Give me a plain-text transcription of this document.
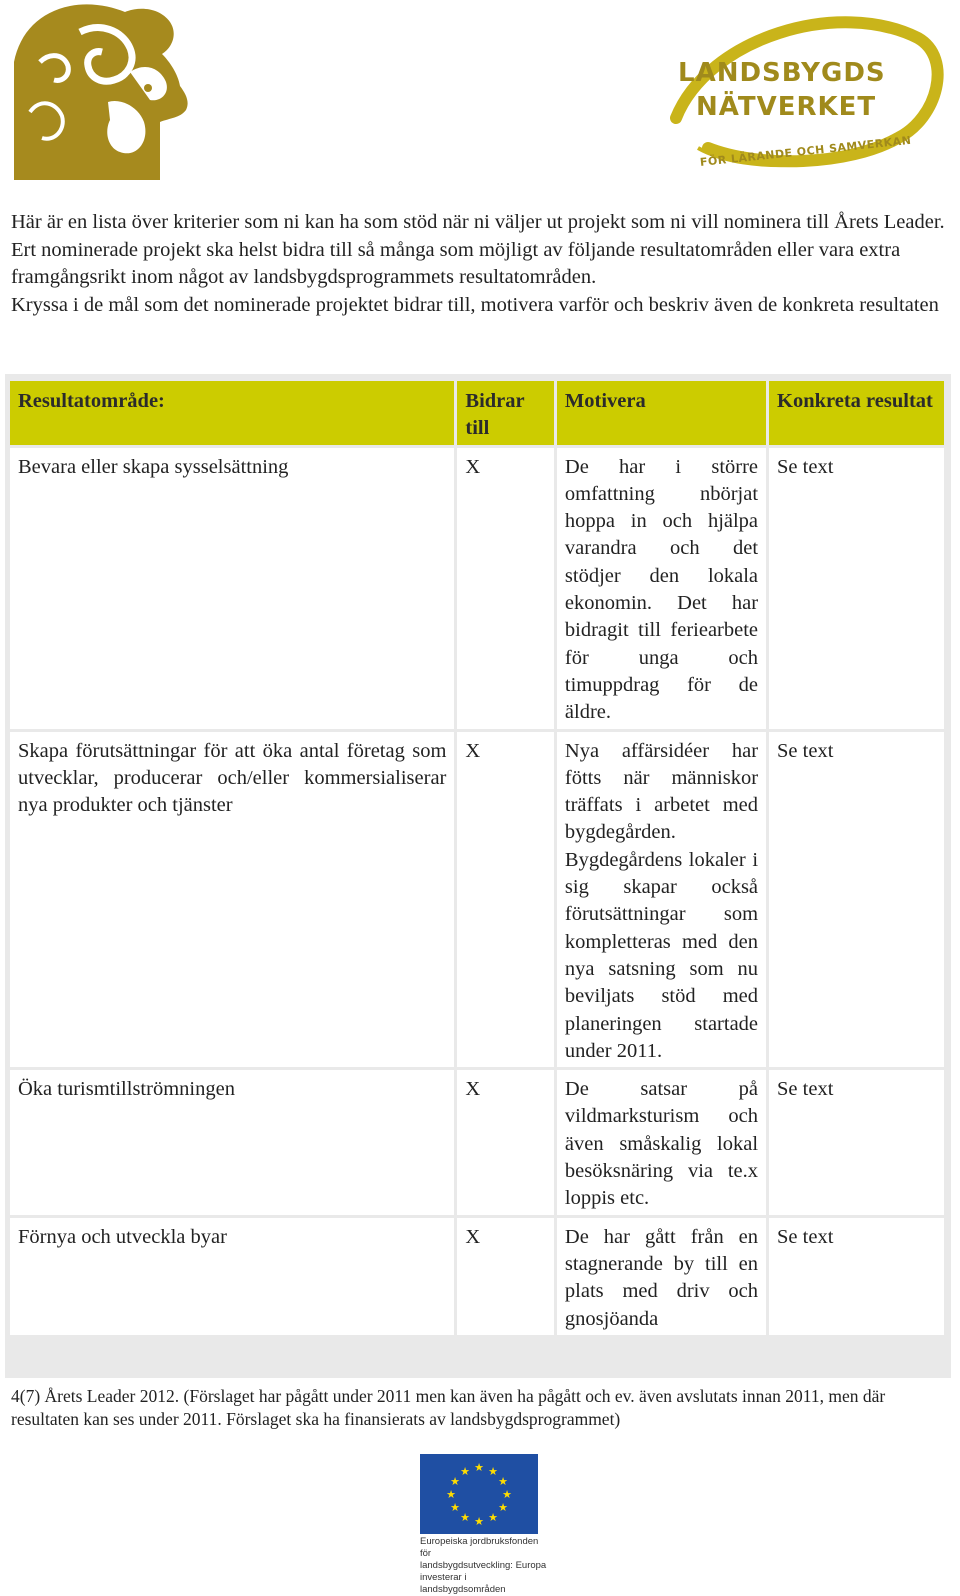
LANDSBYGDS
NÄTVERKET
FÖR LÄRANDE OCH SAMVERKAN

Här är en lista över kriterier som ni kan ha som stöd när ni väljer ut projekt som ni vill nominera till Årets Leader.

Ert nominerade projekt ska helst bidra till så många som möjligt av följande resultatområden eller vara extra framgångsrikt inom något av landsbygdsprogrammets resultatområden.

Kryssa i de mål som det nominerade projektet bidrar till, motivera varför och beskriv även de konkreta resultaten

Resultatområde:	Bidrar till	Motivera	Konkreta resultat
Bevara eller skapa sysselsättning	X	De har i större omfattning nbörjat hoppa in och hjälpa varandra och det stödjer den lokala ekonomin. Det har bidragit till feriearbete för unga och timuppdrag för de äldre.	Se text
Skapa förutsättningar för att öka antal företag som utvecklar, producerar och/eller kommersialiserar nya produkter och tjänster	X	Nya affärsidéer har fötts när människor träffats i arbetet med bygdegården. Bygdegårdens lokaler i sig skapar också förutsättningar som kompletteras med den nya satsning som nu beviljats stöd med planeringen startade under 2011.	Se text
Öka turismtillströmningen	X	De satsar på vildmarksturism och även småskalig lokal besöksnäring via te.x loppis etc.	Se text
Förnya och utveckla byar	X	De har gått från en stagnerande by till en plats med driv och gnosjöanda	Se text
4(7) Årets Leader 2012. (Förslaget har pågått under 2011 men kan även ha pågått och ev. även avslutats innan 2011, men där resultaten kan ses under 2011. Förslaget ska ha finansierats av landsbygdsprogrammet)
★ ★
★
★
★
★
★
★
★
★
★
★
Europeiska jordbruksfonden för
landsbygdsutveckling: Europa
investerar i landsbygdsområden
